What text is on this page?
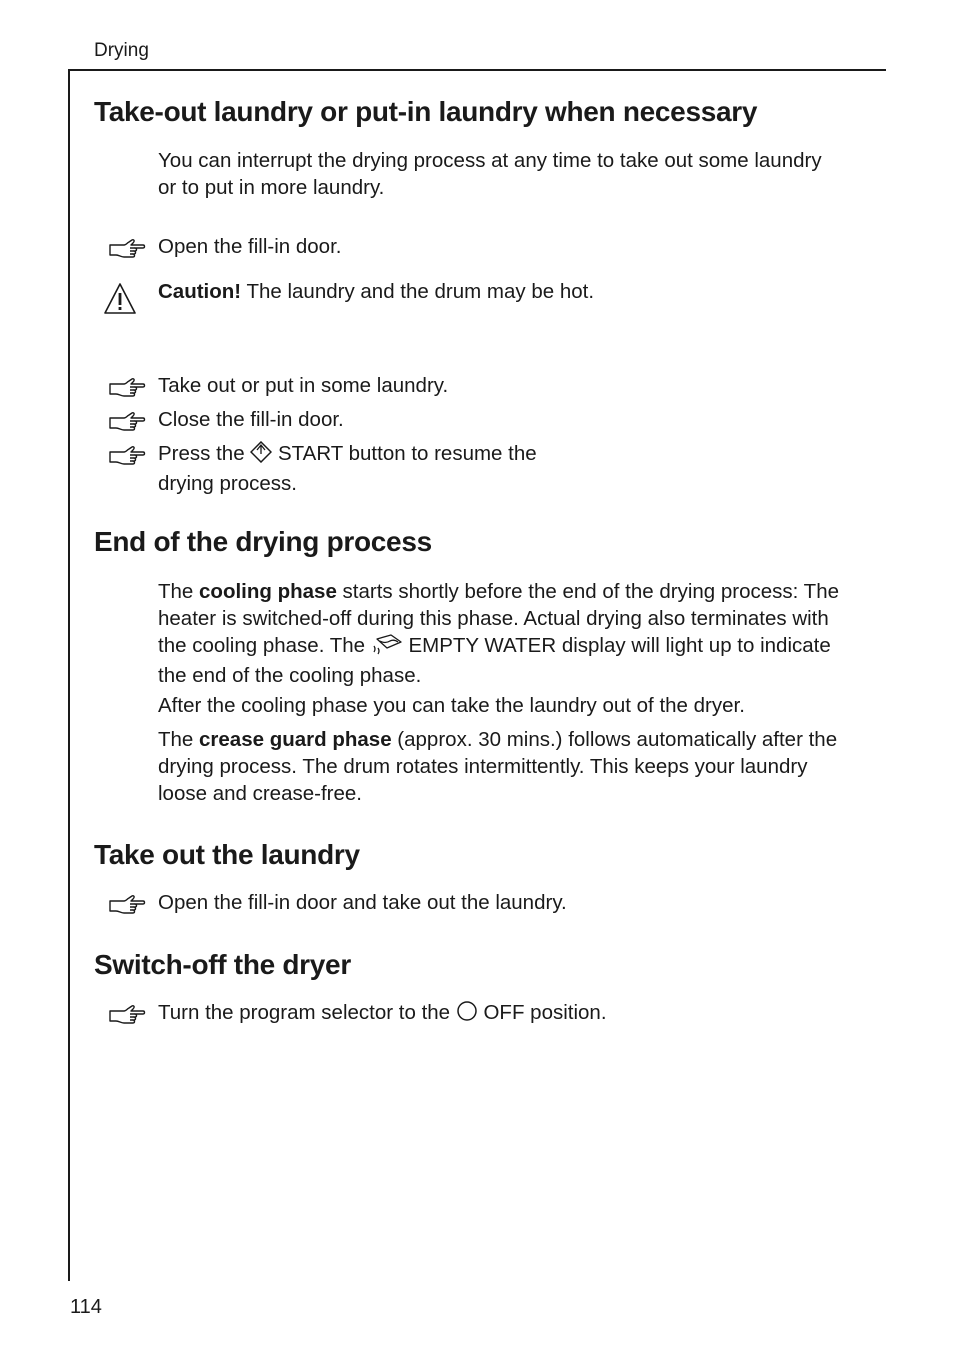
Drying
114
Take-out laundry or put-in laundry when necessary

You can interrupt the drying process at any time to take out some laundry or to put in more laundry.

Open the fill-in door.

Caution! The laundry and the drum may be hot.

Take out or put in some laundry.

Close the fill-in door.

Press the  START button to resume the drying process.

End of the drying process

The cooling phase starts shortly before the end of the drying process: The heater is switched-off during this phase. Actual drying also terminates with the cooling phase. The  EMPTY WATER display will light up to indicate the end of the cooling phase.

After the cooling phase you can take the laundry out of the dryer.

The crease guard phase (approx. 30 mins.) follows automatically after the drying process. The drum rotates intermittently. This keeps your laundry loose and crease-free.

Take out the laundry

Open the fill-in door and take out the laundry.

Switch-off the dryer

Turn the program selector to the  OFF position.
